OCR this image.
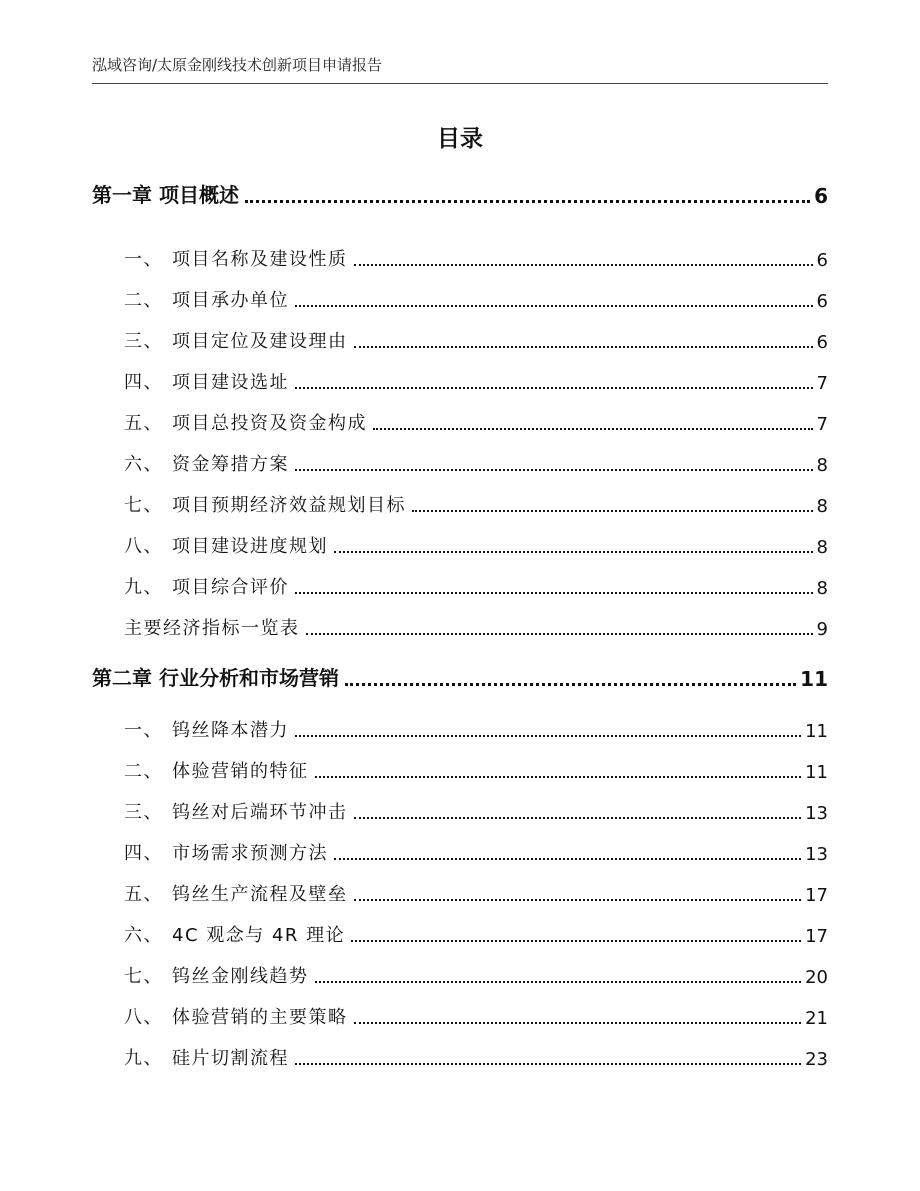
泓域咨询/太原金刚线技术创新项目申请报告
目录
第一章 项目概述	6
一、 项目名称及建设性质	6
二、 项目承办单位	6
三、 项目定位及建设理由	6
四、 项目建设选址	7
五、 项目总投资及资金构成	7
六、 资金筹措方案	8
七、 项目预期经济效益规划目标	8
八、 项目建设进度规划	8
九、 项目综合评价	8
主要经济指标一览表	9
第二章 行业分析和市场营销	11
一、 钨丝降本潜力	11
二、 体验营销的特征	11
三、 钨丝对后端环节冲击	13
四、 市场需求预测方法	13
五、 钨丝生产流程及壁垒	17
六、 4C 观念与 4R 理论	17
七、 钨丝金刚线趋势	20
八、 体验营销的主要策略	21
九、 硅片切割流程	23
